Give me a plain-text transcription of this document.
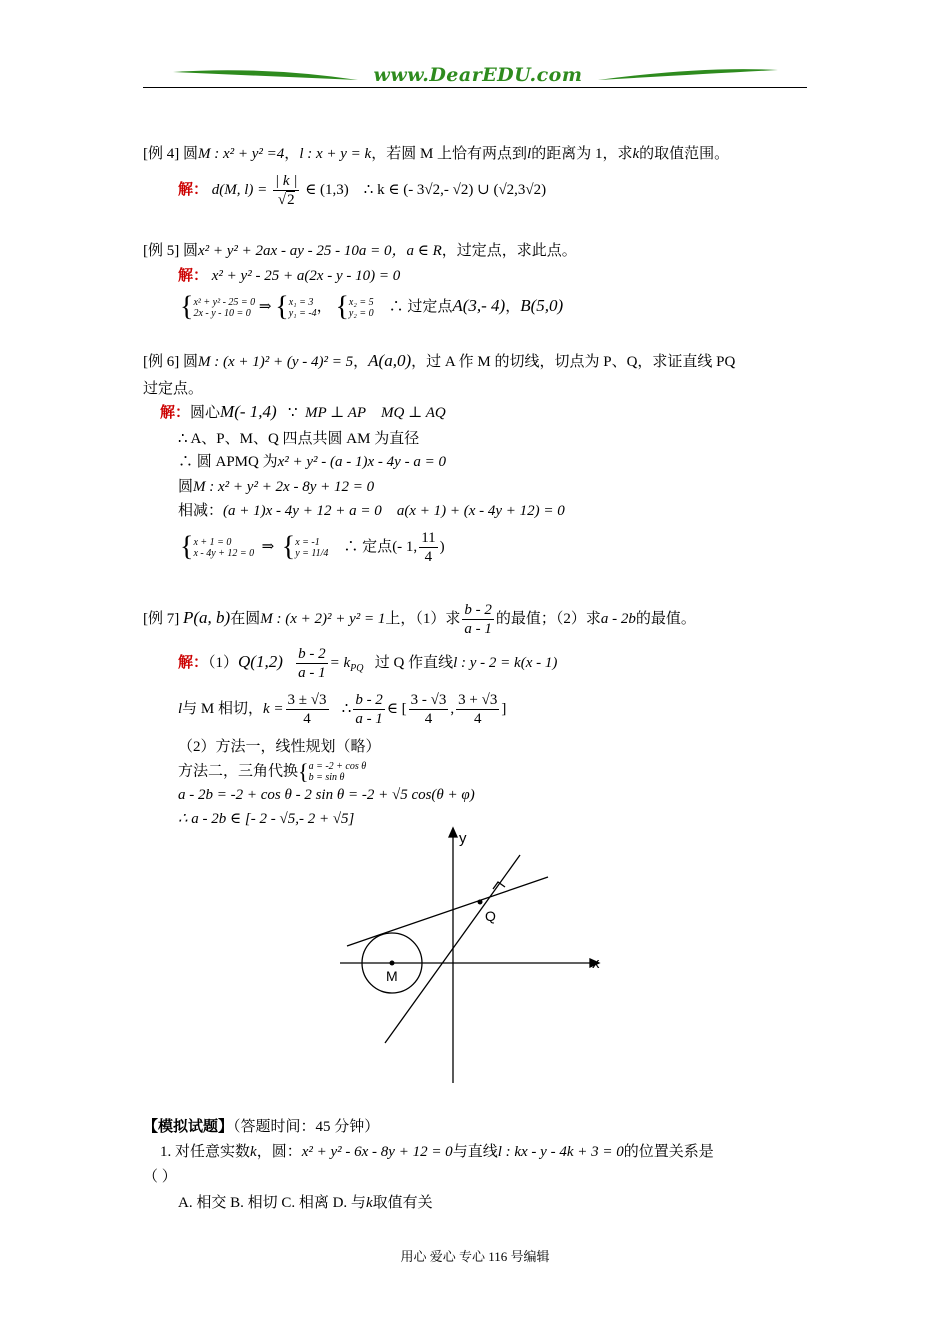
www.DearEDU.com
[例 4] 圆M : x² + y² =4，l : x + y = k，若圆 M 上恰有两点到l的距离为 1，求k的取值范围。
解： d(M, $l) = \frac{| k |}{√2}$ ∈ (1,3) ∴ k ∈ (- 3√2,- √2) ∪ (√2,3√2)
[例 5] 圆x² + y² + 2ax - ay - 25 - 10a = 0，a ∈ R，过定点，求此点。
解： x² + y² - 25 + a(2x - y - 10) = 0
{x² + y² - 25 = 0
2x - y - 10 = 0 ⇒ {x₁ = 3
y₁ = -4， {x₂ = 5
y₂ = 0 ∴ 过定点A(3,- 4)，B(5,0)
[例 6] 圆M : (x + 1)² + (y - 4)² = 5，A(a,0)，过 A 作 M 的切线，切点为 P、Q，求证直线 PQ
过定点。
解：圆心M(- 1,4) ∵ MP ⊥ AP MQ ⊥ AQ
∴ A、P、M、Q 四点共圆 AM 为直径
∴ 圆 APMQ 为x² + y² - (a - 1)x - 4y - a = 0
圆M : x² + y² + 2x - 8y + 12 = 0
相减：(a + 1)x - 4y + 12 + a = 0 a(x + 1) + (x - 4y + 12) = 0
{x + 1 = 0
x - 4y + 12 = 0  ⇒  {x = -1
y = 11/4 ∴ 定点(- 1, $\frac{11}{4}$ )
[例 7] P(a, b)在圆M : (x + 2)² + y² = 1上，（1）求 $\frac{b - 2}{a - 1}$ 的最值；（2）求a - 2b的最值。
解：$(1)Q(1,2) \frac{b - 2}{a - 1} = k_{PQ}$ 过 Q 作直线l : y - 2 = k(x - 1)
l与 M 相切，$k = \frac{3 \pm √3}{4}$ ∴ $\frac{b - 2}{a - 1}$ ∈ [ $\frac{3 - √3}{4}$ , $\frac{3 + √3}{4}$ ]
（2）方法一，线性规划（略）
方法二，三角代换{a = -2 + cos θ
b = sin θ
a - 2b = -2 + cos θ - 2 sin θ = -2 + √5 cos(θ + φ)
∴ a - 2b ∈ [- 2 - √5,- 2 + √5]
y
x
M
Q
【模拟试题】（答题时间：45 分钟）
1. 对任意实数k，圆：x² + y² - 6x - 8y + 12 = 0与直线l : kx - y - 4k + 3 = 0的位置关系是
（ ）
A. 相交 B. 相切 C. 相离 D. 与k取值有关
用心 爱心 专心 116 号编辑
